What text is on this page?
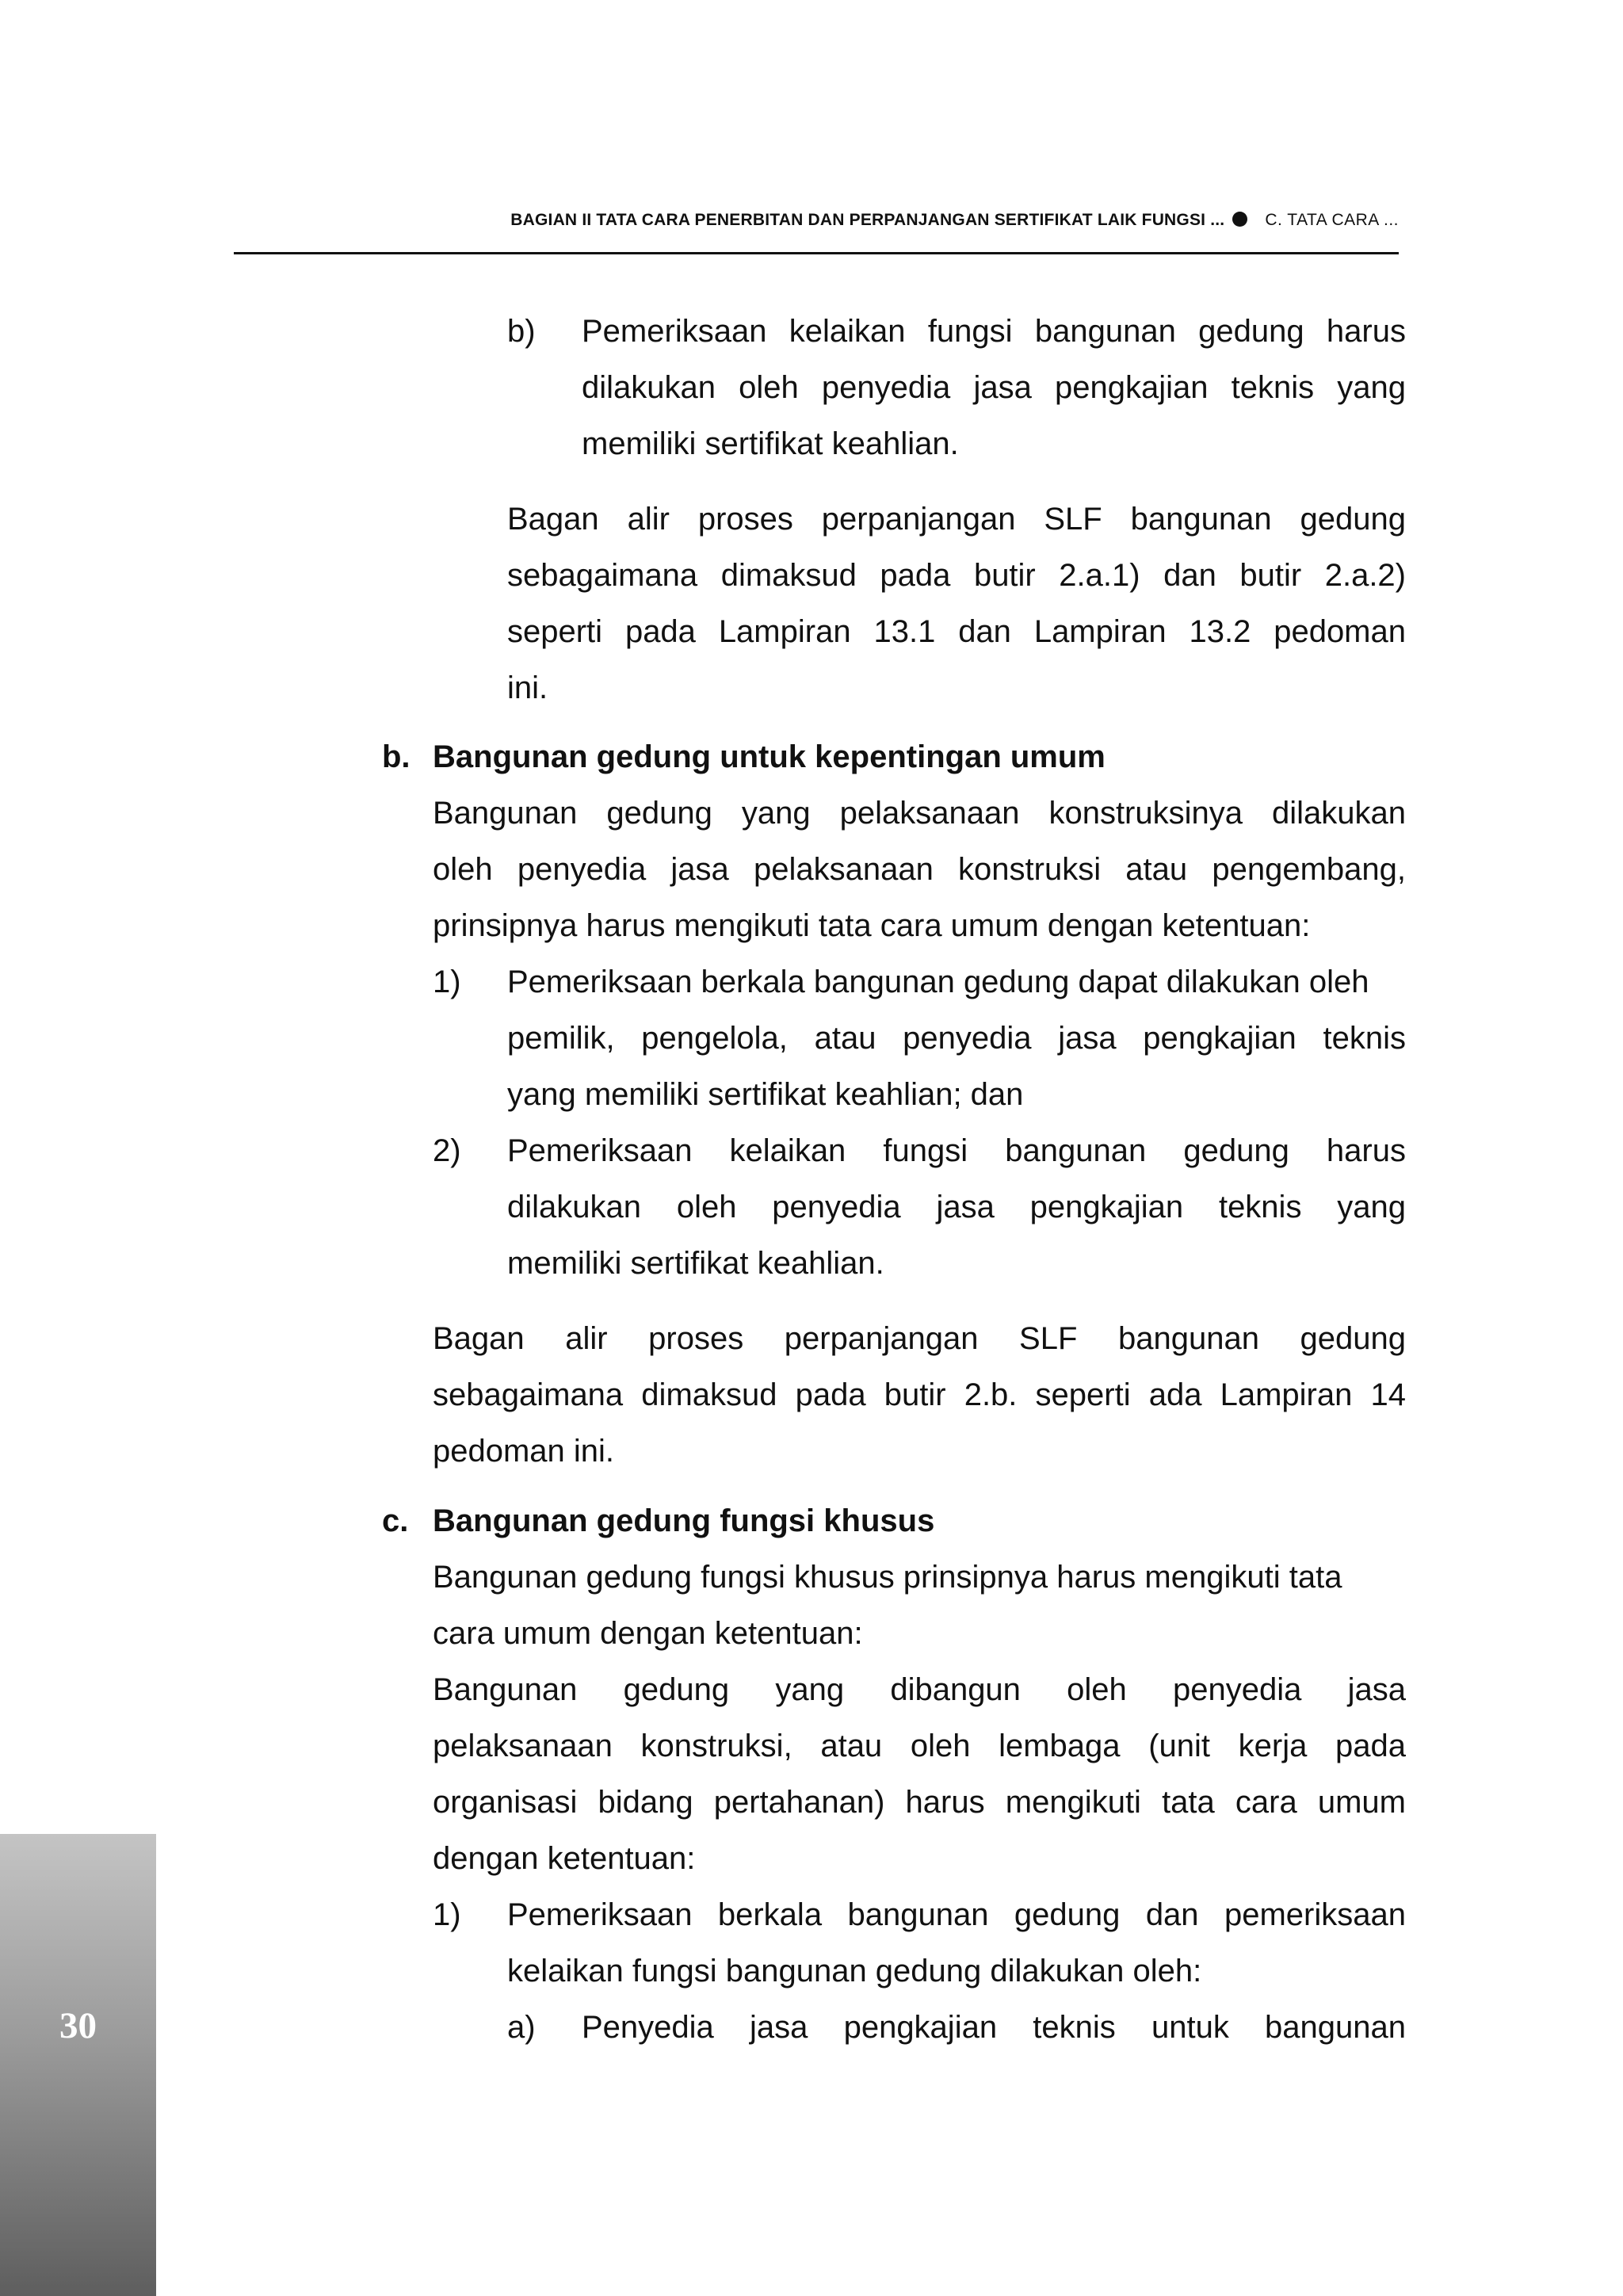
BAGIAN II TATA CARA PENERBITAN DAN PERPANJANGAN SERTIFIKAT LAIK FUNGSI ... C. TATA CARA ...
b) Pemeriksaan kelaikan fungsi bangunan gedung harus
dilakukan oleh penyedia jasa pengkajian teknis yang
memiliki sertifikat keahlian.
Bagan alir proses perpanjangan SLF bangunan gedung
sebagaimana dimaksud pada butir 2.a.1) dan butir 2.a.2)
seperti pada Lampiran 13.1 dan Lampiran 13.2 pedoman
ini.
b. Bangunan gedung untuk kepentingan umum
Bangunan gedung yang pelaksanaan konstruksinya dilakukan
oleh penyedia jasa pelaksanaan konstruksi atau pengembang,
prinsipnya harus mengikuti tata cara umum dengan ketentuan:
1) Pemeriksaan berkala bangunan gedung dapat dilakukan oleh
pemilik, pengelola, atau penyedia jasa pengkajian teknis
yang memiliki sertifikat keahlian; dan
2) Pemeriksaan kelaikan fungsi bangunan gedung harus
dilakukan oleh penyedia jasa pengkajian teknis yang
memiliki sertifikat keahlian.
Bagan alir proses perpanjangan SLF bangunan gedung
sebagaimana dimaksud pada butir 2.b. seperti ada Lampiran 14
pedoman ini.
c. Bangunan gedung fungsi khusus
Bangunan gedung fungsi khusus prinsipnya harus mengikuti tata
cara umum dengan ketentuan:
Bangunan gedung yang dibangun oleh penyedia jasa
pelaksanaan konstruksi, atau oleh lembaga (unit kerja pada
organisasi bidang pertahanan) harus mengikuti tata cara umum
dengan ketentuan:
1) Pemeriksaan berkala bangunan gedung dan pemeriksaan
kelaikan fungsi bangunan gedung dilakukan oleh:
a) Penyedia jasa pengkajian teknis untuk bangunan
30
